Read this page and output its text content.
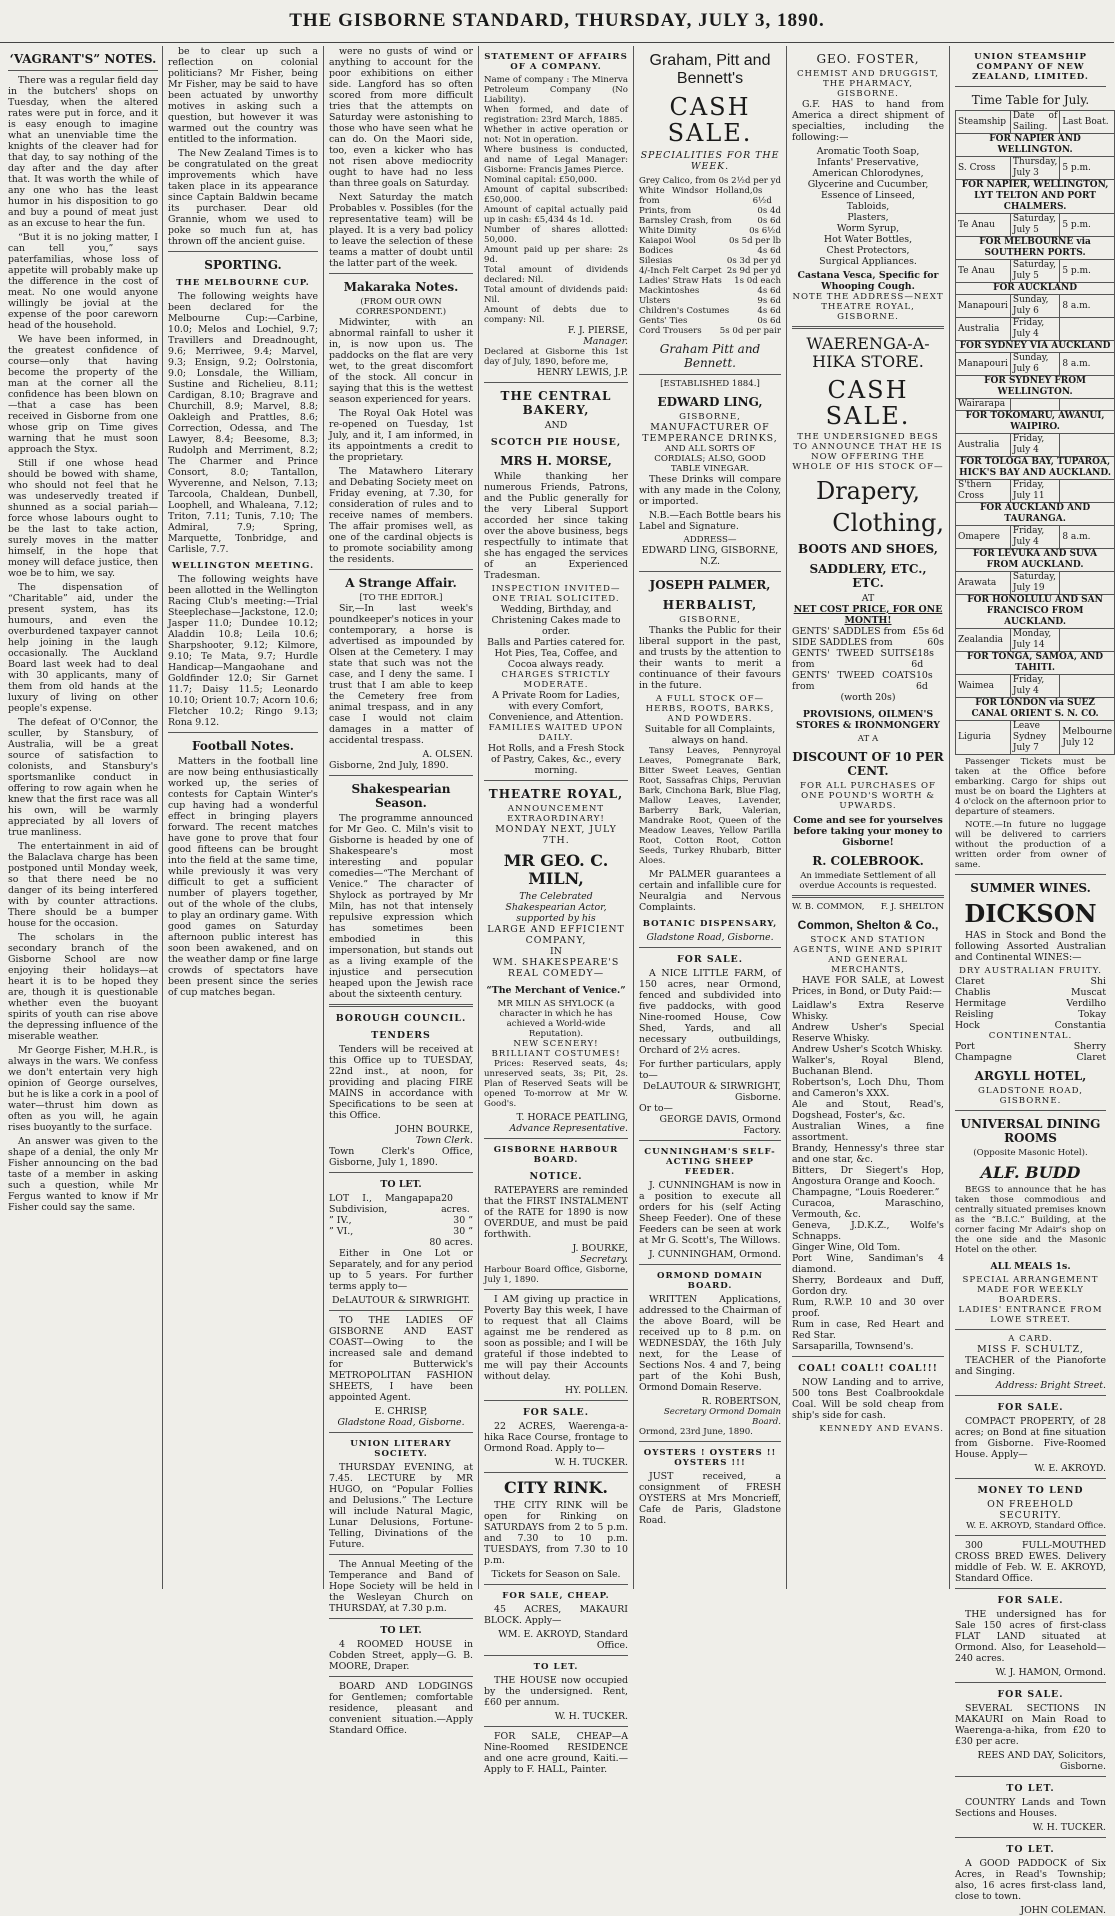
THE GISBORNE STANDARD, THURSDAY, JULY 3, 1890.
‘VAGRANT'S” NOTES.

There was a regular field day in the butchers' shops on Tuesday, when the altered rates were put in force, and it is easy enough to imagine what an unenviable time the knights of the cleaver had for that day, to say nothing of the day after and the day after that. It was worth the while of any one who has the least humor in his disposition to go and buy a pound of meat just as an excuse to hear the fun.

“But it is no joking matter, I can tell you,” says paterfamilias, whose loss of appetite will probably make up the difference in the cost of meat. No one would anyone willingly be jovial at the expense of the poor careworn head of the household.

We have been informed, in the greatest confidence of course—only that having become the property of the man at the corner all the confidence has been blown on—that a case has been received in Gisborne from one whose grip on Time gives warning that he must soon approach the Styx.

Still if one whose head should be bowed with shame, who should not feel that he was undeservedly treated if shunned as a social pariah—force whose labours ought to be the last to take action, surely moves in the matter himself, in the hope that money will deface justice, then woe be to him, we say.

The dispensation of “Charitable” aid, under the present system, has its humours, and even the overburdened taxpayer cannot help joining in the laugh occasionally. The Auckland Board last week had to deal with 30 applicants, many of them from old hands at the luxury of living on other people's expense.

The defeat of O'Connor, the sculler, by Stansbury, of Australia, will be a great source of satisfaction to colonists, and Stansbury's sportsmanlike conduct in offering to row again when he knew that the first race was all his own, will be warmly appreciated by all lovers of true manliness.

The entertainment in aid of the Balaclava charge has been postponed until Monday week, so that there need be no danger of its being interfered with by counter attractions. There should be a bumper house for the occasion.

The scholars in the secondary branch of the Gisborne School are now enjoying their holidays—at heart it is to be hoped they are, though it is questionable whether even the buoyant spirits of youth can rise above the depressing influence of the miserable weather.

Mr George Fisher, M.H.R., is always in the wars. We confess we don't entertain very high opinion of George ourselves, but he is like a cork in a pool of water—thrust him down as often as you will, he again rises buoyantly to the surface.

An answer was given to the shape of a denial, the only Mr Fisher announcing on the bad taste of a member in asking such a question, while Mr Fergus wanted to know if Mr Fisher could say the same.

be to clear up such a reflection on colonial politicians? Mr Fisher, being Mr Fisher, may be said to have been actuated by unworthy motives in asking such a question, but however it was warmed out the country was entitled to the information.

The New Zealand Times is to be congratulated on the great improvements which have taken place in its appearance since Captain Baldwin became its purchaser. Dear old Grannie, whom we used to poke so much fun at, has thrown off the ancient guise.

SPORTING.
THE MELBOURNE CUP.

The following weights have been declared for the Melbourne Cup:—Carbine, 10.0; Melos and Lochiel, 9.7; Travillers and Dreadnought, 9.6; Merriwee, 9.4; Marvel, 9.3; Ensign, 9.2; Oolrstonia, 9.0; Lonsdale, the William, Sustine and Richelieu, 8.11; Cardigan, 8.10; Bragrave and Churchill, 8.9; Marvel, 8.8; Oakleigh and Prattles, 8.6; Correction, Odessa, and The Lawyer, 8.4; Beesome, 8.3; Rudolph and Merriment, 8.2; The Charmer and Prince Consort, 8.0; Tantallon, Wyverenne, and Nelson, 7.13; Tarcoola, Chaldean, Dunbell, Loophell, and Whaleana, 7.12; Triton, 7.11; Tunis, 7.10; The Admiral, 7.9; Spring, Marquette, Tonbridge, and Carlisle, 7.7.

WELLINGTON MEETING.

The following weights have been allotted in the Wellington Racing Club's meeting:—Trial Steeplechase—Jackstone, 12.0; Jasper 11.0; Dundee 10.12; Aladdin 10.8; Leila 10.6; Sharpshooter, 9.12; Kilmore, 9.10; Te Mata, 9.7; Hurdle Handicap—Mangaohane and Goldfinder 12.0; Sir Garnet 11.7; Daisy 11.5; Leonardo 10.10; Orient 10.7; Acorn 10.6; Fletcher 10.2; Ringo 9.13; Rona 9.12.

Football Notes.

Matters in the football line are now being enthusiastically worked up, the series of contests for Captain Winter's cup having had a wonderful effect in bringing players forward. The recent matches have gone to prove that four good fifteens can be brought into the field at the same time, while previously it was very difficult to get a sufficient number of players together, out of the whole of the clubs, to play an ordinary game. With good games on Saturday afternoon public interest has soon been awakened, and on the weather damp or fine large crowds of spectators have been present since the series of cup matches began.

were no gusts of wind or anything to account for the poor exhibitions on either side. Langford has so often scored from more difficult tries that the attempts on Saturday were astonishing to those who have seen what he can do. On the Maori side, too, even a kicker who has not risen above mediocrity ought to have had no less than three goals on Saturday.

Next Saturday the match Probables v. Possibles (for the representative team) will be played. It is a very bad policy to leave the selection of these teams a matter of doubt until the latter part of the week.

Makaraka Notes.
(FROM OUR OWN CORRESPONDENT.)

Midwinter, with an abnormal rainfall to usher it in, is now upon us. The paddocks on the flat are very wet, to the great discomfort of the stock. All concur in saying that this is the wettest season experienced for years.

The Royal Oak Hotel was re-opened on Tuesday, 1st July, and it, I am informed, in its appointments a credit to the proprietary.

The Matawhero Literary and Debating Society meet on Friday evening, at 7.30, for consideration of rules and to receive names of members. The affair promises well, as one of the cardinal objects is to promote sociability among the residents.

A Strange Affair.
[TO THE EDITOR.]

Sir,—In last week's poundkeeper's notices in your contemporary, a horse is advertised as impounded by Olsen at the Cemetery. I may state that such was not the case, and I deny the same. I trust that I am able to keep the Cemetery free from animal trespass, and in any case I would not claim damages in a matter of accidental trespass.

A. OLSEN.
Gisborne, 2nd July, 1890.
Shakespearian Season.

The programme announced for Mr Geo. C. Miln's visit to Gisborne is headed by one of Shakespeare's most interesting and popular comedies—“The Merchant of Venice.” The character of Shylock as portrayed by Mr Miln, has not that intensely repulsive expression which has sometimes been embodied in this impersonation, but stands out as a living example of the injustice and persecution heaped upon the Jewish race about the sixteenth century.

BOROUGH COUNCIL.
TENDERS

Tenders will be received at this Office up to TUESDAY, 22nd inst., at noon, for providing and placing FIRE MAINS in accordance with Specifications to be seen at this Office.

JOHN BOURKE,
Town Clerk.
Town Clerk's Office, Gisborne, July 1, 1890.
TO LET.
LOT I., Mangapapa Subdivision,
20 acres.
” IV.,	30 ”
” VI.,	30 ”
80 acres.

Either in One Lot or Separately, and for any period up to 5 years. For further terms apply to—

DeLAUTOUR & SIRWRIGHT.

TO THE LADIES OF GISBORNE AND EAST COAST—Owing to the increased sale and demand for Butterwick's METROPOLITAN FASHION SHEETS, I have been appointed Agent.

E. CHRISP,
Gladstone Road, Gisborne.
UNION LITERARY SOCIETY.

THURSDAY EVENING, at 7.45. LECTURE by MR HUGO, on “Popular Follies and Delusions.” The Lecture will include Natural Magic, Lunar Delusions, Fortune-Telling, Divinations of the Future.

The Annual Meeting of the Temperance and Band of Hope Society will be held in the Wesleyan Church on THURSDAY, at 7.30 p.m.

TO LET.

4 ROOMED HOUSE in Cobden Street, apply—G. B. MOORE, Draper.

BOARD AND LODGINGS for Gentlemen; comfortable residence, pleasant and convenient situation.—Apply Standard Office.

STATEMENT OF AFFAIRS OF A COMPANY.
Name of company : The Minerva Petroleum Company (No Liability).
When formed, and date of registration: 23rd March, 1885.
Whether in active operation or not: Not in operation.
Where business is conducted, and name of Legal Manager: Gisborne: Francis James Pierce.
Nominal capital: £50,000.
Amount of capital subscribed: £50,000.
Amount of capital actually paid up in cash: £5,434 4s 1d.
Number of shares allotted: 50,000.
Amount paid up per share: 2s 9d.
Total amount of dividends declared: Nil.
Total amount of dividends paid: Nil.
Amount of debts due to company: Nil.
F. J. PIERSE,
Manager.
Declared at Gisborne this 1st day of July, 1890, before me,
HENRY LEWIS, J.P.
THE CENTRAL BAKERY,
AND
SCOTCH PIE HOUSE,
MRS H. MORSE,

While thanking her numerous Friends, Patrons, and the Public generally for the very Liberal Support accorded her since taking over the above business, begs respectfully to intimate that she has engaged the services of an Experienced Tradesman.

INSPECTION INVITED—ONE TRIAL SOLICITED.
Wedding, Birthday, and Christening Cakes made to order.
Balls and Parties catered for. Hot Pies, Tea, Coffee, and Cocoa always ready.
CHARGES STRICTLY MODERATE.
A Private Room for Ladies, with every Comfort, Convenience, and Attention.
FAMILIES WAITED UPON DAILY.
Hot Rolls, and a Fresh Stock of Pastry, Cakes, &c., every morning.
THEATRE ROYAL,
ANNOUNCEMENT EXTRAORDINARY!
MONDAY NEXT, JULY 7TH.
MR GEO. C. MILN,
The Celebrated Shakespearian Actor, supported by his
LARGE AND EFFICIENT COMPANY,
IN
WM. SHAKESPEARE'S REAL COMEDY—
“The Merchant of Venice.”
MR MILN AS SHYLOCK (a character in which he has achieved a World-wide Reputation).
NEW SCENERY! BRILLIANT COSTUMES!

Prices: Reserved seats, 4s; unreserved seats, 3s; Pit, 2s. Plan of Reserved Seats will be opened To-morrow at Mr W. Good's.

T. HORACE PEATLING,
Advance Representative.
GISBORNE HARBOUR BOARD.
NOTICE.

RATEPAYERS are reminded that the FIRST INSTALMENT of the RATE for 1890 is now OVERDUE, and must be paid forthwith.

J. BOURKE,
Secretary.
Harbour Board Office, Gisborne, July 1, 1890.

I AM giving up practice in Poverty Bay this week, I have to request that all Claims against me be rendered as soon as possible; and I will be grateful if those indebted to me will pay their Accounts without delay.

HY. POLLEN.
FOR SALE.

22 ACRES, Waerenga-a-hika Race Course, frontage to Ormond Road. Apply to—

W. H. TUCKER.
CITY RINK.

THE CITY RINK will be open for Rinking on SATURDAYS from 2 to 5 p.m. and 7.30 to 10 p.m. TUESDAYS, from 7.30 to 10 p.m.

Tickets for Season on Sale.
FOR SALE, CHEAP.

45 ACRES, MAKAURI BLOCK. Apply—

WM. E. AKROYD, Standard Office.
TO LET.

THE HOUSE now occupied by the undersigned. Rent, £60 per annum.

W. H. TUCKER.

FOR SALE, CHEAP—A Nine-Roomed RESIDENCE and one acre ground, Kaiti.—Apply to F. HALL, Painter.

Graham, Pitt and Bennett's
CASH SALE.
SPECIALITIES FOR THE WEEK.
Grey Calico, from 0s 2½d per yd
White Windsor Holland, from
0s 6½d
Prints, from	0s 4d
Barnsley Crash, from	0s 6d
White Dimity	0s 6½d
Kaiapoi Wool	0s 5d per lb
Bodices	4s 6d
Silesias	0s 3d per yd
4/-Inch Felt Carpet 2s 9d per yd
Ladies' Straw Hats 1s 0d each
Mackintoshes	4s 6d
Ulsters	9s 6d
Children's Costumes	4s 6d
Gents' Ties	0s 6d
Cord Trousers 5s 0d per pair
Graham Pitt and Bennett.
[ESTABLISHED 1884.]
EDWARD LING,
GISBORNE,
MANUFACTURER OF TEMPERANCE DRINKS,
AND ALL SORTS OF CORDIALS; ALSO, GOOD TABLE VINEGAR.

These Drinks will compare with any made in the Colony, or imported.

N.B.—Each Bottle bears his Label and Signature.

ADDRESS—
EDWARD LING, GISBORNE, N.Z.
JOSEPH PALMER,
HERBALIST,
GISBORNE,

Thanks the Public for their liberal support in the past, and trusts by the attention to their wants to merit a continuance of their favours in the future.

A FULL STOCK OF—HERBS, ROOTS, BARKS, AND POWDERS.
Suitable for all Complaints, always on hand.

Tansy Leaves, Pennyroyal Leaves, Pomegranate Bark, Bitter Sweet Leaves, Gentian Root, Sassafras Chips, Peruvian Bark, Cinchona Bark, Blue Flag, Mallow Leaves, Lavender, Barberry Bark, Valerian, Mandrake Root, Queen of the Meadow Leaves, Yellow Parilla Root, Cotton Root, Cotton Seeds, Turkey Rhubarb, Bitter Aloes.

Mr PALMER guarantees a certain and infallible cure for Neuralgia and Nervous Complaints.

BOTANIC DISPENSARY,
Gladstone Road, Gisborne.
FOR SALE.

A NICE LITTLE FARM, of 150 acres, near Ormond, fenced and subdivided into five paddocks, with good Nine-roomed House, Cow Shed, Yards, and all necessary outbuildings, Orchard of 2½ acres.

For further particulars, apply to—
DeLAUTOUR & SIRWRIGHT, Gisborne.
Or to—
GEORGE DAVIS, Ormond Factory.
CUNNINGHAM'S SELF-ACTING SHEEP FEEDER.

J. CUNNINGHAM is now in a position to execute all orders for his (self Acting Sheep Feeder). One of these Feeders can be seen at work at Mr G. Scott's, The Willows.

J. CUNNINGHAM, Ormond.
ORMOND DOMAIN BOARD.

WRITTEN Applications, addressed to the Chairman of the above Board, will be received up to 8 p.m. on WEDNESDAY, the 16th July next, for the Lease of Sections Nos. 4 and 7, being part of the Kohi Bush, Ormond Domain Reserve.

R. ROBERTSON,
Secretary Ormond Domain Board.
Ormond, 23rd June, 1890.
OYSTERS ! OYSTERS !! OYSTERS !!!

JUST received, a consignment of FRESH OYSTERS at Mrs Moncrieff, Cafe de Paris, Gladstone Road.

GEO. FOSTER,
CHEMIST AND DRUGGIST,
THE PHARMACY, GISBORNE.

G.F. HAS to hand from America a direct shipment of specialties, including the following:—

Aromatic Tooth Soap,
Infants' Preservative,
American Chlorodynes,
Glycerine and Cucumber,
Essence of Linseed,
Tabloids,
Plasters,
Worm Syrup,
Hot Water Bottles,
Chest Protectors,
Surgical Appliances.
Castana Vesca, Specific for Whooping Cough.
NOTE THE ADDRESS—NEXT THEATRE ROYAL, GISBORNE.
WAERENGA-A-HIKA STORE.
CASH SALE.
THE UNDERSIGNED BEGS TO ANNOUNCE THAT HE IS NOW OFFERING THE WHOLE OF HIS STOCK OF—
Drapery,
Clothing,
BOOTS AND SHOES,
SADDLERY, ETC., ETC.
AT
NET COST PRICE, FOR ONE MONTH!
GENTS' SADDLES from £5s 6d
SIDE SADDLES from	60s
GENTS' TWEED SUITS from
£18s 6d
GENTS' TWEED COATS from
10s 6d
(worth 20s)
PROVISIONS, OILMEN'S STORES & IRONMONGERY
AT A
DISCOUNT OF 10 PER CENT.
FOR ALL PURCHASES OF ONE POUND'S WORTH & UPWARDS.
Come and see for yourselves before taking your money to Gisborne!
R. COLEBROOK.
An immediate Settlement of all overdue Accounts is requested.
W. B. COMMON, F. J. SHELTON
Common, Shelton & Co.,
STOCK AND STATION AGENTS, WINE AND SPIRIT AND GENERAL MERCHANTS,

HAVE FOR SALE, at Lowest Prices, in Bond, or Duty Paid:—

Laidlaw's Extra Reserve Whisky.
Andrew Usher's Special Reserve Whisky.
Andrew Usher's Scotch Whisky.
Walker's, Royal Blend, Buchanan Blend.
Robertson's, Loch Dhu, Thom and Cameron's XXX.
Ale and Stout, Read's, Dogshead, Foster's, &c.
Australian Wines, a fine assortment.
Brandy, Hennessy's three star and one star, &c.
Bitters, Dr Siegert's Hop, Angostura Orange and Kooch.
Champagne, “Louis Roederer.”
Curacoa, Maraschino, Vermouth, &c.
Geneva, J.D.K.Z., Wolfe's Schnapps.
Ginger Wine, Old Tom.
Port Wine, Sandiman's 4 diamond.
Sherry, Bordeaux and Duff, Gordon dry.
Rum, R.W.P. 10 and 30 over proof.
Rum in case, Red Heart and Red Star.
Sarsaparilla, Townsend's.
COAL! COAL!! COAL!!!

NOW Landing and to arrive, 500 tons Best Coalbrookdale Coal. Will be sold cheap from ship's side for cash.

KENNEDY AND EVANS.
UNION STEAMSHIP COMPANY OF NEW ZEALAND, LIMITED.
Time Table for July.
Steamship	Date of Sailing.	Last Boat.
FOR NAPIER AND WELLINGTON.		
S. Cross	Thursday, July 3	5 p.m.
FOR NAPIER, WELLINGTON, LYT TELTON AND PORT CHALMERS.		
Te Anau	Saturday, July 5	5 p.m.
FOR MELBOURNE via SOUTHERN PORTS.		
Te Anau	Saturday, July 5	5 p.m.
FOR AUCKLAND		
Manapouri	Sunday, July 6	8 a.m.
Australia	Friday, July 4	
FOR SYDNEY VIA AUCKLAND		
Manapouri	Sunday, July 6	8 a.m.
FOR SYDNEY FROM WELLINGTON.		
Wairarapa		
FOR TOKOMARU, AWANUI, WAIPIRO.		
Australia	Friday, July 4	
FOR TOLOGA BAY, TUPAROA, HICK'S BAY AND AUCKLAND.		
S'thern Cross	Friday, July 11	
FOR AUCKLAND AND TAURANGA.		
Omapere	Friday, July 4	8 a.m.
FOR LEVUKA AND SUVA FROM AUCKLAND.		
Arawata	Saturday, July 19	
FOR HONOLULU AND SAN FRANCISCO FROM AUCKLAND.		
Zealandia	Monday, July 14	
FOR TONGA, SAMOA, AND TAHITI.		
Waimea	Friday, July 4	
FOR LONDON via SUEZ CANAL ORIENT S. N. CO.		
Liguria	Leave Sydney July 7	Melbourne July 12

Passenger Tickets must be taken at the Office before embarking. Cargo for ships out must be on board the Lighters at 4 o'clock on the afternoon prior to departure of steamers.

NOTE.—In future no luggage will be delivered to carriers without the production of a written order from owner of same.

SUMMER WINES.
DICKSON

HAS in Stock and Bond the following Assorted Australian and Continental WINES:—

DRY AUSTRALIAN FRUITY.
Claret	Shi
Chablis	Muscat
Hermitage	Verdilho
Reisling	Tokay
Hock	Constantia
CONTINENTAL.
Port	Sherry
Champagne	Claret
ARGYLL HOTEL,
GLADSTONE ROAD, GISBORNE.
UNIVERSAL DINING ROOMS
(Opposite Masonic Hotel).
ALF. BUDD

BEGS to announce that he has taken those commodious and centrally situated premises known as the “B.I.C.” Building, at the corner facing Mr Adair's shop on the one side and the Masonic Hotel on the other.

ALL MEALS 1s.
SPECIAL ARRANGEMENT MADE FOR WEEKLY BOARDERS.
LADIES' ENTRANCE FROM LOWE STREET.
A CARD.
MISS F. SCHULTZ,

TEACHER of the Pianoforte and Singing.

Address: Bright Street.
FOR SALE.

COMPACT PROPERTY, of 28 acres; on Bond at fine situation from Gisborne. Five-Roomed House. Apply—

W. E. AKROYD.
MONEY TO LEND
ON FREEHOLD SECURITY.
W. E. AKROYD, Standard Office.

300 FULL-MOUTHED CROSS BRED EWES. Delivery middle of Feb. W. E. AKROYD, Standard Office.

FOR SALE.

THE undersigned has for Sale 150 acres of first-class FLAT LAND situated at Ormond. Also, for Leasehold—240 acres.

W. J. HAMON, Ormond.
FOR SALE.

SEVERAL SECTIONS IN MAKAURI on Main Road to Waerenga-a-hika, from £20 to £30 per acre.

REES AND DAY, Solicitors, Gisborne.
TO LET.

COUNTRY Lands and Town Sections and Houses.

W. H. TUCKER.
TO LET.

A GOOD PADDOCK of Six Acres, in Read's Township; also, 16 acres first-class land, close to town.

JOHN COLEMAN.
